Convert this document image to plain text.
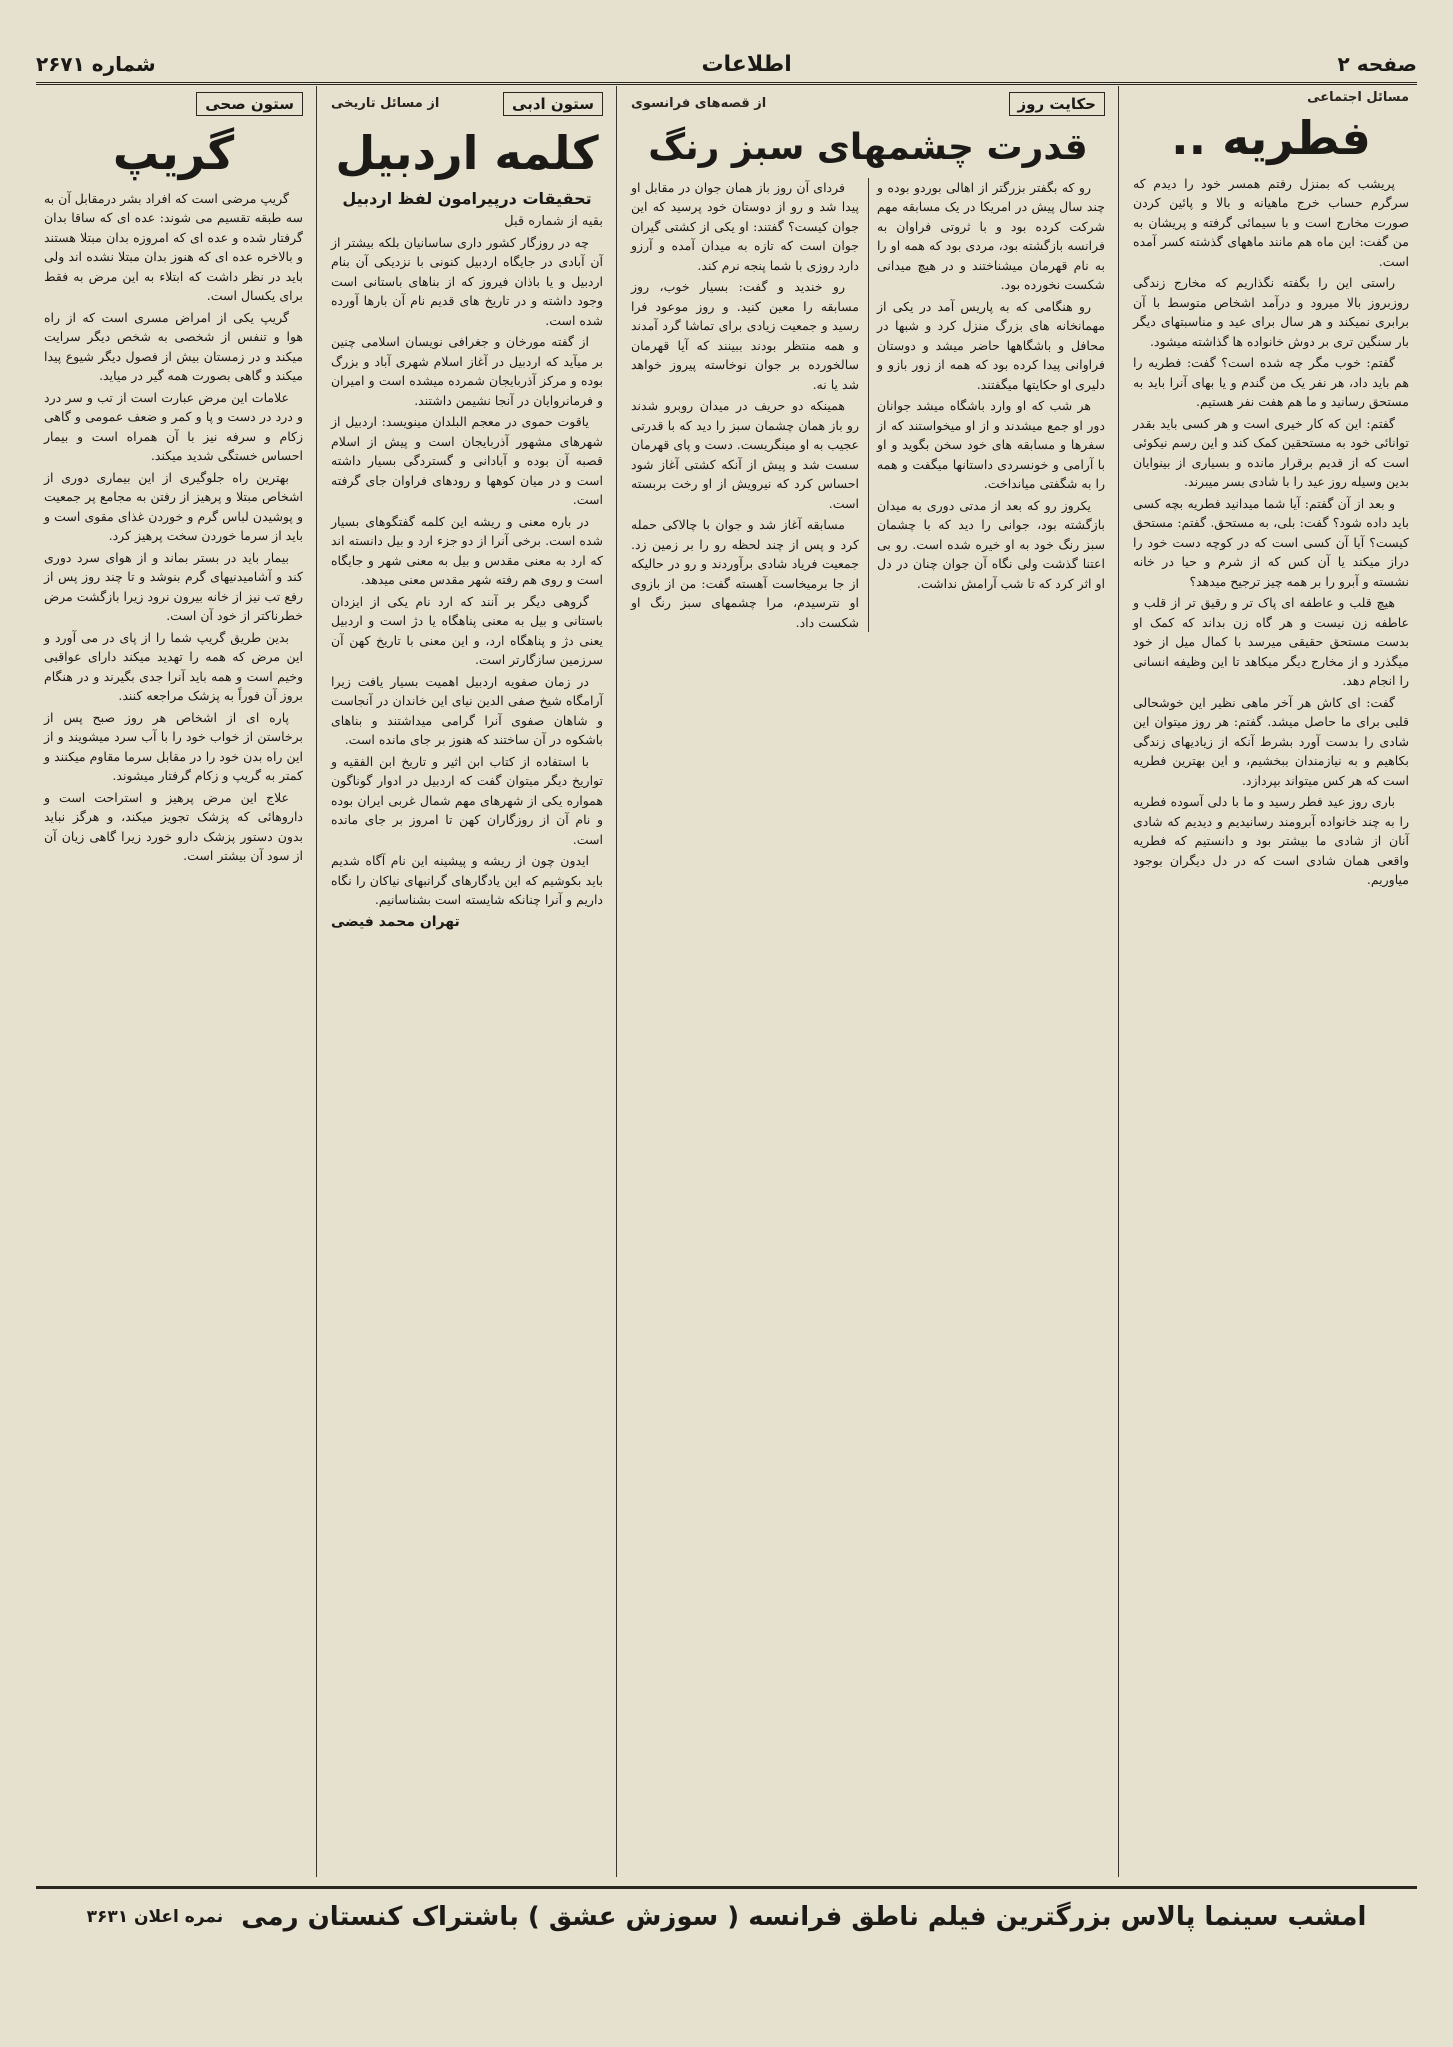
صفحه ۲
اطلاعات
شماره ۲۶۷۱
مسائل اجتماعی
فطریه ..

پریشب که بمنزل رفتم همسر خود را دیدم که سرگرم حساب خرج ماهیانه و بالا و پائین کردن صورت مخارج است و با سیمائی گرفته و پریشان به من گفت: این ماه هم مانند ماههای گذشته کسر آمده است.

راستی این را بگفته نگذاریم که مخارج زندگی روزبروز بالا میرود و درآمد اشخاص متوسط با آن برابری نمیکند و هر سال برای عید و مناسبتهای دیگر بار سنگین تری بر دوش خانواده ها گذاشته میشود.

گفتم: خوب مگر چه شده است؟ گفت: فطریه را هم باید داد، هر نفر یک من گندم و یا بهای آنرا باید به مستحق رسانید و ما هم هفت نفر هستیم.

گفتم: این که کار خیری است و هر کسی باید بقدر توانائی خود به مستحقین کمک کند و این رسم نیکوئی است که از قدیم برقرار مانده و بسیاری از بینوایان بدین وسیله روز عید را با شادی بسر میبرند.

و بعد از آن گفتم: آیا شما میدانید فطریه بچه کسی باید داده شود؟ گفت: بلی، به مستحق. گفتم: مستحق کیست؟ آیا آن کسی است که در کوچه دست خود را دراز میکند یا آن کس که از شرم و حیا در خانه نشسته و آبرو را بر همه چیز ترجیح میدهد؟

هیچ قلب و عاطفه ای پاک تر و رقیق تر از قلب و عاطفه زن نیست و هر گاه زن بداند که کمک او بدست مستحق حقیقی میرسد با کمال میل از خود میگذرد و از مخارج دیگر میکاهد تا این وظیفه انسانی را انجام دهد.

گفت: ای کاش هر آخر ماهی نظیر این خوشحالی قلبی برای ما حاصل میشد. گفتم: هر روز میتوان این شادی را بدست آورد بشرط آنکه از زیادیهای زندگی بکاهیم و به نیازمندان ببخشیم، و این بهترین فطریه است که هر کس میتواند بپردازد.

باری روز عید فطر رسید و ما با دلی آسوده فطریه را به چند خانواده آبرومند رسانیدیم و دیدیم که شادی آنان از شادی ما بیشتر بود و دانستیم که فطریه واقعی همان شادی است که در دل دیگران بوجود میاوریم.

حکایت روز
از قصه‌های فرانسوی
قدرت چشمهای سبز رنگ

رو که بگفتر بزرگتر از اهالی بوردو بوده و چند سال پیش در امریکا در یک مسابقه مهم شرکت کرده بود و با ثروتی فراوان به فرانسه بازگشته بود، مردی بود که همه او را به نام قهرمان میشناختند و در هیچ میدانی شکست نخورده بود.

رو هنگامی که به پاریس آمد در یکی از مهمانخانه های بزرگ منزل کرد و شبها در محافل و باشگاهها حاضر میشد و دوستان فراوانی پیدا کرده بود که همه از زور بازو و دلیری او حکایتها میگفتند.

هر شب که او وارد باشگاه میشد جوانان دور او جمع میشدند و از او میخواستند که از سفرها و مسابقه های خود سخن بگوید و او با آرامی و خونسردی داستانها میگفت و همه را به شگفتی میانداخت.

یکروز رو که بعد از مدتی دوری به میدان بازگشته بود، جوانی را دید که با چشمان سبز رنگ خود به او خیره شده است. رو بی اعتنا گذشت ولی نگاه آن جوان چنان در دل او اثر کرد که تا شب آرامش نداشت.

فردای آن روز باز همان جوان در مقابل او پیدا شد و رو از دوستان خود پرسید که این جوان کیست؟ گفتند: او یکی از کشتی گیران جوان است که تازه به میدان آمده و آرزو دارد روزی با شما پنجه نرم کند.

رو خندید و گفت: بسیار خوب، روز مسابقه را معین کنید. و روز موعود فرا رسید و جمعیت زیادی برای تماشا گرد آمدند و همه منتظر بودند ببینند که آیا قهرمان سالخورده بر جوان نوخاسته پیروز خواهد شد یا نه.

همینکه دو حریف در میدان روبرو شدند رو باز همان چشمان سبز را دید که با قدرتی عجیب به او مینگریست. دست و پای قهرمان سست شد و پیش از آنکه کشتی آغاز شود احساس کرد که نیرویش از او رخت بربسته است.

مسابقه آغاز شد و جوان با چالاکی حمله کرد و پس از چند لحظه رو را بر زمین زد. جمعیت فریاد شادی برآوردند و رو در حالیکه از جا برمیخاست آهسته گفت: من از بازوی او نترسیدم، مرا چشمهای سبز رنگ او شکست داد.

ستون ادبی
از مسائل تاریخی
کلمه اردبیل
تحقیقات درپیرامون لفظ اردبیل
بقیه از شماره قبل

چه در روزگار کشور داری ساسانیان بلکه بیشتر از آن آبادی در جایگاه اردبیل کنونی با نزدیکی آن بنام اردبیل و یا باذان فیروز که از بناهای باستانی است وجود داشته و در تاریخ های قدیم نام آن بارها آورده شده است.

از گفته مورخان و جغرافی نویسان اسلامی چنین بر میآید که اردبیل در آغاز اسلام شهری آباد و بزرگ بوده و مرکز آذربایجان شمرده میشده است و امیران و فرمانروایان در آنجا نشیمن داشتند.

یاقوت حموی در معجم البلدان مینویسد: اردبیل از شهرهای مشهور آذربایجان است و پیش از اسلام قصبه آن بوده و آبادانی و گستردگی بسیار داشته است و در میان کوهها و رودهای فراوان جای گرفته است.

در باره معنی و ریشه این کلمه گفتگوهای بسیار شده است. برخی آنرا از دو جزء ارد و بیل دانسته اند که ارد به معنی مقدس و بیل به معنی شهر و جایگاه است و روی هم رفته شهر مقدس معنی میدهد.

گروهی دیگر بر آنند که ارد نام یکی از ایزدان باستانی و بیل به معنی پناهگاه یا دژ است و اردبیل یعنی دژ و پناهگاه ارد، و این معنی با تاریخ کهن آن سرزمین سازگارتر است.

در زمان صفویه اردبیل اهمیت بسیار یافت زیرا آرامگاه شیخ صفی الدین نیای این خاندان در آنجاست و شاهان صفوی آنرا گرامی میداشتند و بناهای باشکوه در آن ساختند که هنوز بر جای مانده است.

با استفاده از کتاب ابن اثیر و تاریخ ابن الفقیه و تواریخ دیگر میتوان گفت که اردبیل در ادوار گوناگون همواره یکی از شهرهای مهم شمال غربی ایران بوده و نام آن از روزگاران کهن تا امروز بر جای مانده است.

ایدون چون از ریشه و پیشینه این نام آگاه شدیم باید بکوشیم که این یادگارهای گرانبهای نیاکان را نگاه داریم و آنرا چنانکه شایسته است بشناسانیم.

تهران محمد فیضی
ستون صحی
گریپ

گریپ مرضی است که افراد بشر درمقابل آن به سه طبقه تقسیم می شوند: عده ای که ساقا بدان گرفتار شده و عده ای که امروزه بدان مبتلا هستند و بالاخره عده ای که هنوز بدان مبتلا نشده اند ولی باید در نظر داشت که ابتلاء به این مرض به فقط برای یکسال است.

گریپ یکی از امراض مسری است که از راه هوا و تنفس از شخصی به شخص دیگر سرایت میکند و در زمستان بیش از فصول دیگر شیوع پیدا میکند و گاهی بصورت همه گیر در میاید.

علامات این مرض عبارت است از تب و سر درد و درد در دست و پا و کمر و ضعف عمومی و گاهی زکام و سرفه نیز با آن همراه است و بیمار احساس خستگی شدید میکند.

بهترین راه جلوگیری از این بیماری دوری از اشخاص مبتلا و پرهیز از رفتن به مجامع پر جمعیت و پوشیدن لباس گرم و خوردن غذای مقوی است و باید از سرما خوردن سخت پرهیز کرد.

بیمار باید در بستر بماند و از هوای سرد دوری کند و آشامیدنیهای گرم بنوشد و تا چند روز پس از رفع تب نیز از خانه بیرون نرود زیرا بازگشت مرض خطرناکتر از خود آن است.

بدین طریق گریپ شما را از پای در می آورد و این مرض که همه را تهدید میکند دارای عواقبی وخیم است و همه باید آنرا جدی بگیرند و در هنگام بروز آن فوراً به پزشک مراجعه کنند.

پاره ای از اشخاص هر روز صبح پس از برخاستن از خواب خود را با آب سرد میشویند و از این راه بدن خود را در مقابل سرما مقاوم میکنند و کمتر به گریپ و زکام گرفتار میشوند.

علاج این مرض پرهیز و استراحت است و داروهائی که پزشک تجویز میکند، و هرگز نباید بدون دستور پزشک دارو خورد زیرا گاهی زیان آن از سود آن بیشتر است.

امشب سینما پالاس بزرگترین فیلم ناطق فرانسه ( سوزش عشق ) باشتراک کنستان رمی
نمره اعلان ۳۶۳۱
